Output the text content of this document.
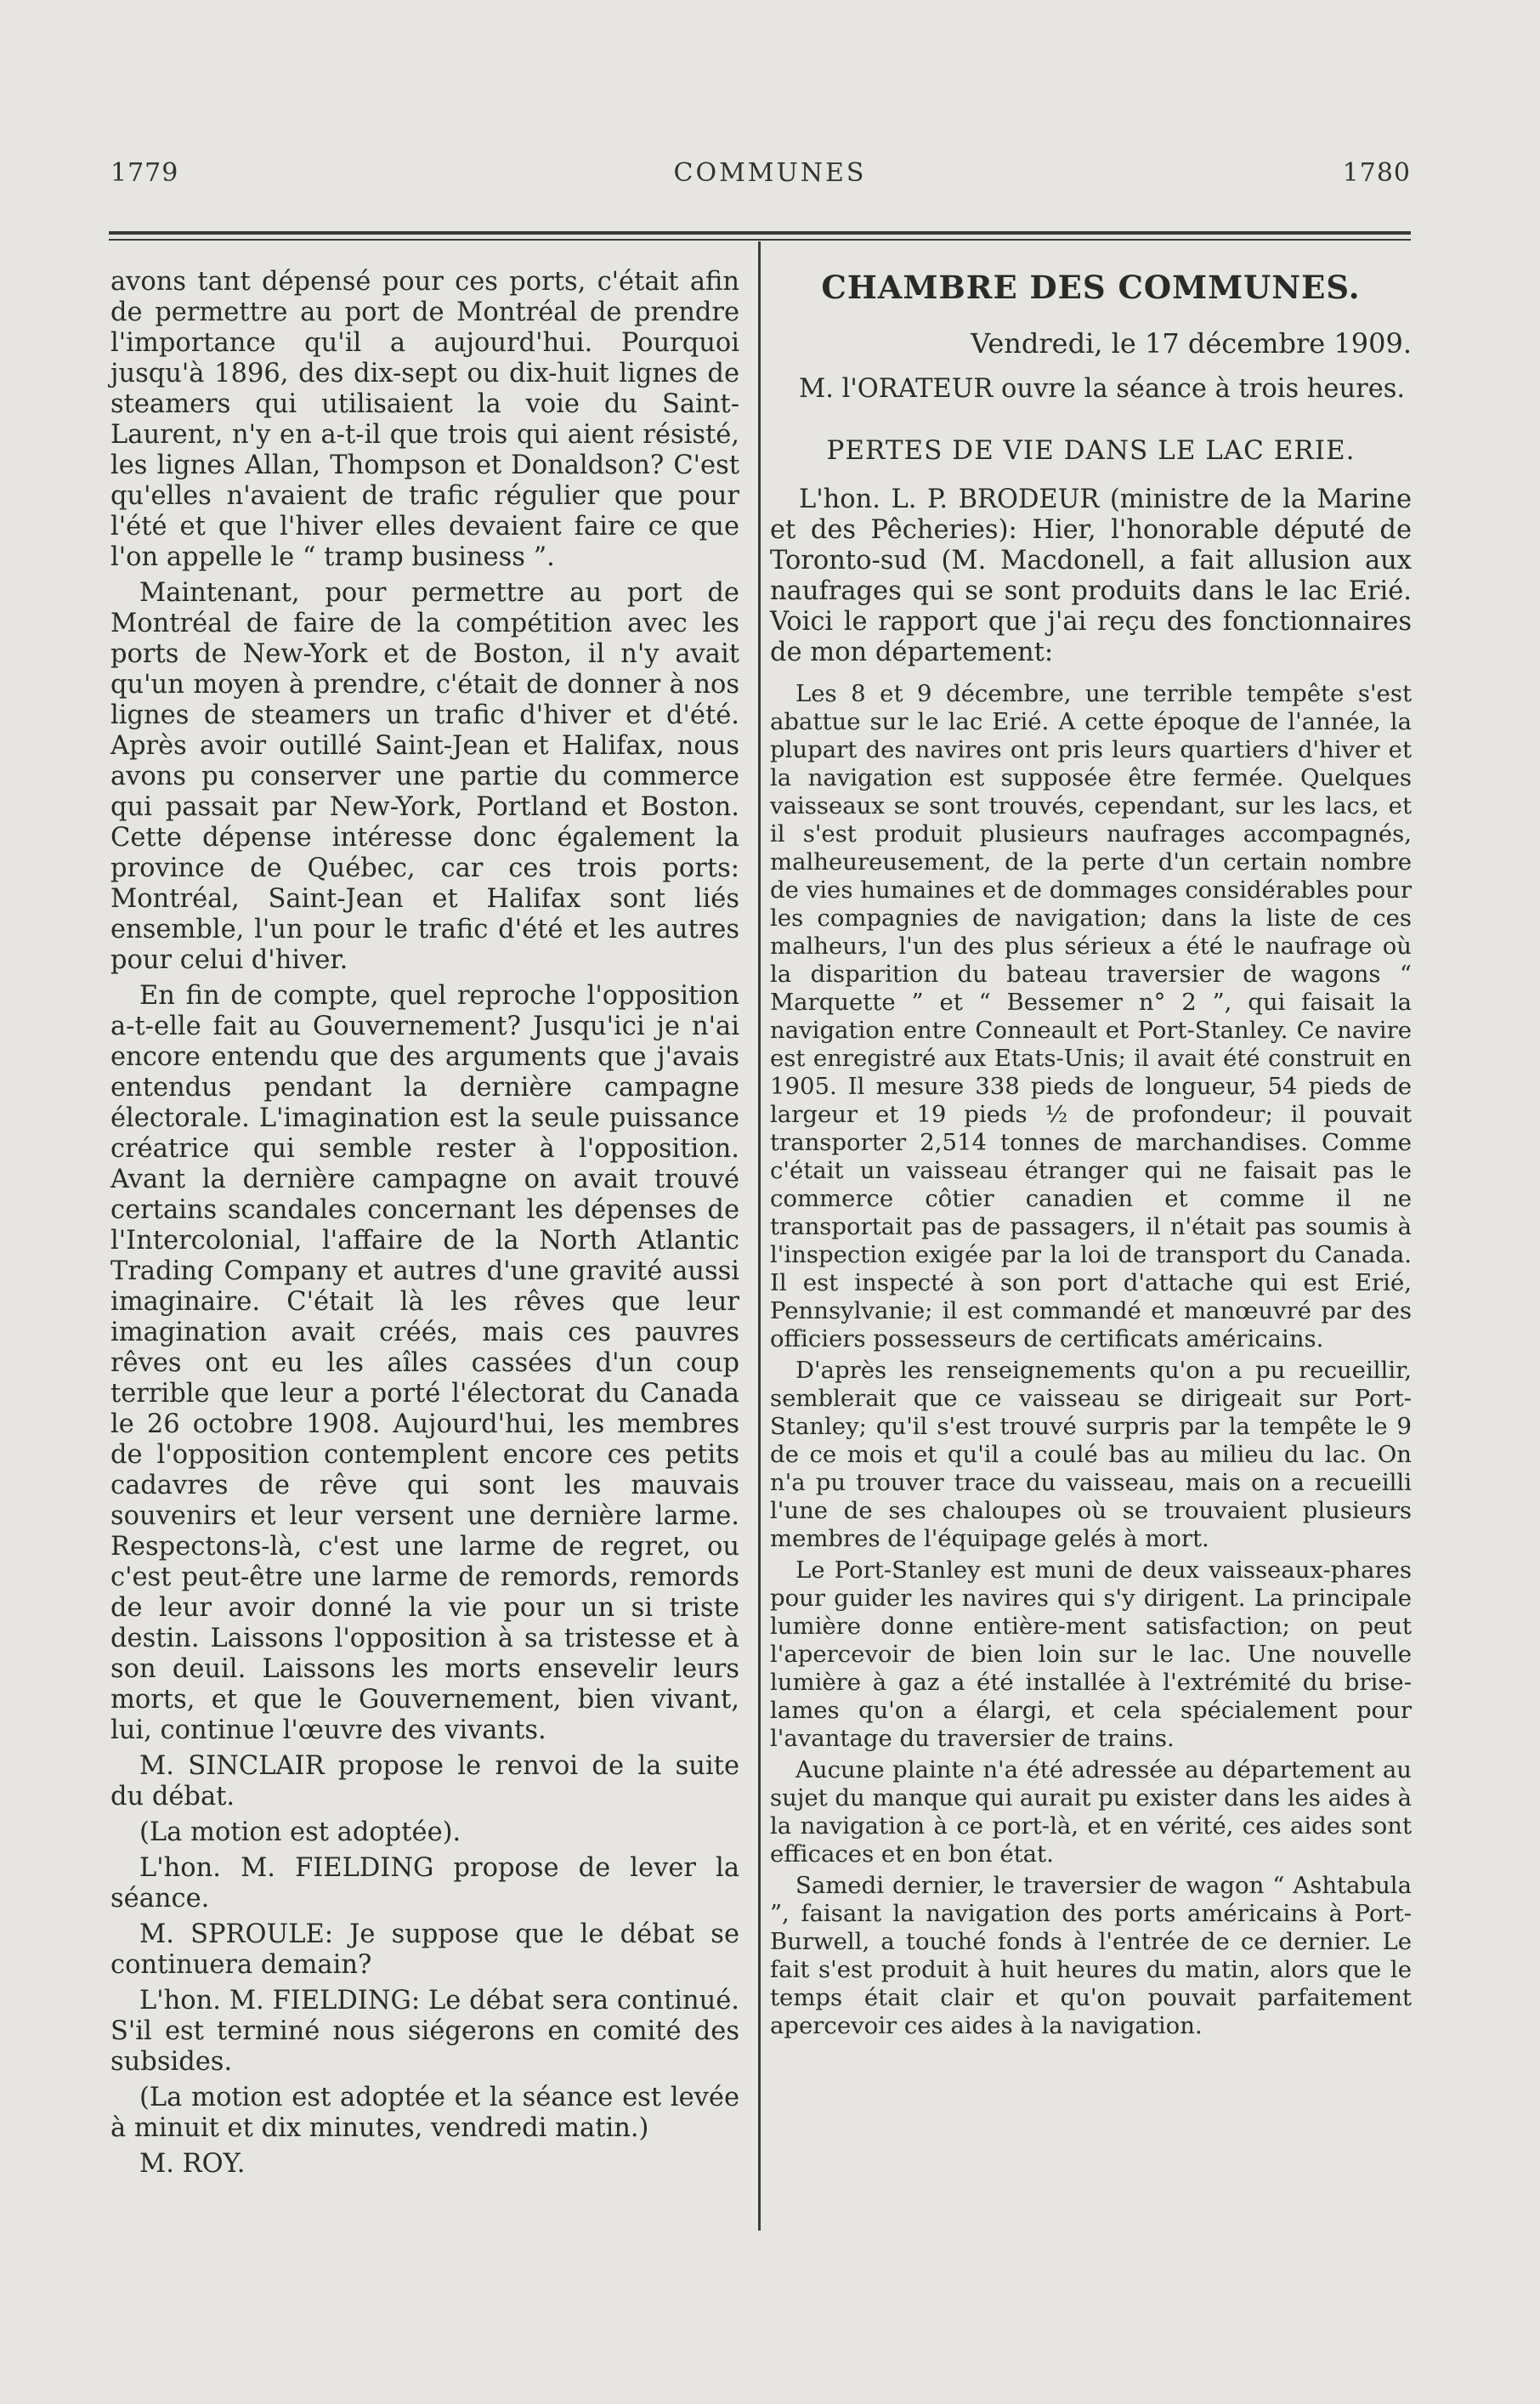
1779	COMMUNES	1780

avons tant dépensé pour ces ports, c'était afin de permettre au port de Montréal de prendre l'importance qu'il a aujourd'hui. Pourquoi jusqu'à 1896, des dix-sept ou dix-huit lignes de steamers qui utilisaient la voie du Saint-Laurent, n'y en a-t-il que trois qui aient résisté, les lignes Allan, Thompson et Donaldson? C'est qu'elles n'avaient de trafic régulier que pour l'été et que l'hiver elles devaient faire ce que l'on appelle le “ tramp business ”.

Maintenant, pour permettre au port de Montréal de faire de la compétition avec les ports de New-York et de Boston, il n'y avait qu'un moyen à prendre, c'était de donner à nos lignes de steamers un trafic d'hiver et d'été. Après avoir outillé Saint-Jean et Halifax, nous avons pu conserver une partie du commerce qui passait par New-York, Portland et Boston. Cette dépense intéresse donc également la province de Québec, car ces trois ports: Montréal, Saint-Jean et Halifax sont liés ensemble, l'un pour le trafic d'été et les autres pour celui d'hiver.

En fin de compte, quel reproche l'opposition a-t-elle fait au Gouvernement? Jusqu'ici je n'ai encore entendu que des arguments que j'avais entendus pendant la dernière campagne électorale. L'imagination est la seule puissance créatrice qui semble rester à l'opposition. Avant la dernière campagne on avait trouvé certains scandales concernant les dépenses de l'Intercolonial, l'affaire de la North Atlantic Trading Company et autres d'une gravité aussi imaginaire. C'était là les rêves que leur imagination avait créés, mais ces pauvres rêves ont eu les aîles cassées d'un coup terrible que leur a porté l'électorat du Canada le 26 octobre 1908. Aujourd'hui, les membres de l'opposition contemplent encore ces petits cadavres de rêve qui sont les mauvais souvenirs et leur versent une dernière larme. Respectons-là, c'est une larme de regret, ou c'est peut-être une larme de remords, remords de leur avoir donné la vie pour un si triste destin. Laissons l'opposition à sa tristesse et à son deuil. Laissons les morts ensevelir leurs morts, et que le Gouvernement, bien vivant, lui, continue l'œuvre des vivants.

M. SINCLAIR propose le renvoi de la suite du débat.

(La motion est adoptée).

L'hon. M. FIELDING propose de lever la séance.

M. SPROULE: Je suppose que le débat se continuera demain?

L'hon. M. FIELDING: Le débat sera continué. S'il est terminé nous siégerons en comité des subsides.

(La motion est adoptée et la séance est levée à minuit et dix minutes, vendredi matin.)

M. ROY.

CHAMBRE DES COMMUNES.
Vendredi, le 17 décembre 1909.

M. l'ORATEUR ouvre la séance à trois heures.

PERTES DE VIE DANS LE LAC ERIE.

L'hon. L. P. BRODEUR (ministre de la Marine et des Pêcheries): Hier, l'honorable député de Toronto-sud (M. Macdonell, a fait allusion aux naufrages qui se sont produits dans le lac Erié. Voici le rapport que j'ai reçu des fonctionnaires de mon département:

Les 8 et 9 décembre, une terrible tempête s'est abattue sur le lac Erié. A cette époque de l'année, la plupart des navires ont pris leurs quartiers d'hiver et la navigation est supposée être fermée. Quelques vaisseaux se sont trouvés, cependant, sur les lacs, et il s'est produit plusieurs naufrages accompagnés, malheureusement, de la perte d'un certain nombre de vies humaines et de dommages considérables pour les compagnies de navigation; dans la liste de ces malheurs, l'un des plus sérieux a été le naufrage où la disparition du bateau traversier de wagons “ Marquette ” et “ Bessemer n° 2 ”, qui faisait la navigation entre Conneault et Port-Stanley. Ce navire est enregistré aux Etats-Unis; il avait été construit en 1905. Il mesure 338 pieds de longueur, 54 pieds de largeur et 19 pieds ½ de profondeur; il pouvait transporter 2,514 tonnes de marchandises. Comme c'était un vaisseau étranger qui ne faisait pas le commerce côtier canadien et comme il ne transportait pas de passagers, il n'était pas soumis à l'inspection exigée par la loi de transport du Canada. Il est inspecté à son port d'attache qui est Erié, Pennsylvanie; il est commandé et manœuvré par des officiers possesseurs de certificats américains.

D'après les renseignements qu'on a pu recueillir, semblerait que ce vaisseau se dirigeait sur Port-Stanley; qu'il s'est trouvé surpris par la tempête le 9 de ce mois et qu'il a coulé bas au milieu du lac. On n'a pu trouver trace du vaisseau, mais on a recueilli l'une de ses chaloupes où se trouvaient plusieurs membres de l'équipage gelés à mort.

Le Port-Stanley est muni de deux vaisseaux-phares pour guider les navires qui s'y dirigent. La principale lumière donne entière-ment satisfaction; on peut l'apercevoir de bien loin sur le lac. Une nouvelle lumière à gaz a été installée à l'extrémité du brise-lames qu'on a élargi, et cela spécialement pour l'avantage du traversier de trains.

Aucune plainte n'a été adressée au département au sujet du manque qui aurait pu exister dans les aides à la navigation à ce port-là, et en vérité, ces aides sont efficaces et en bon état.

Samedi dernier, le traversier de wagon “ Ashtabula ”, faisant la navigation des ports américains à Port-Burwell, a touché fonds à l'entrée de ce dernier. Le fait s'est produit à huit heures du matin, alors que le temps était clair et qu'on pouvait parfaitement apercevoir ces aides à la navigation.
